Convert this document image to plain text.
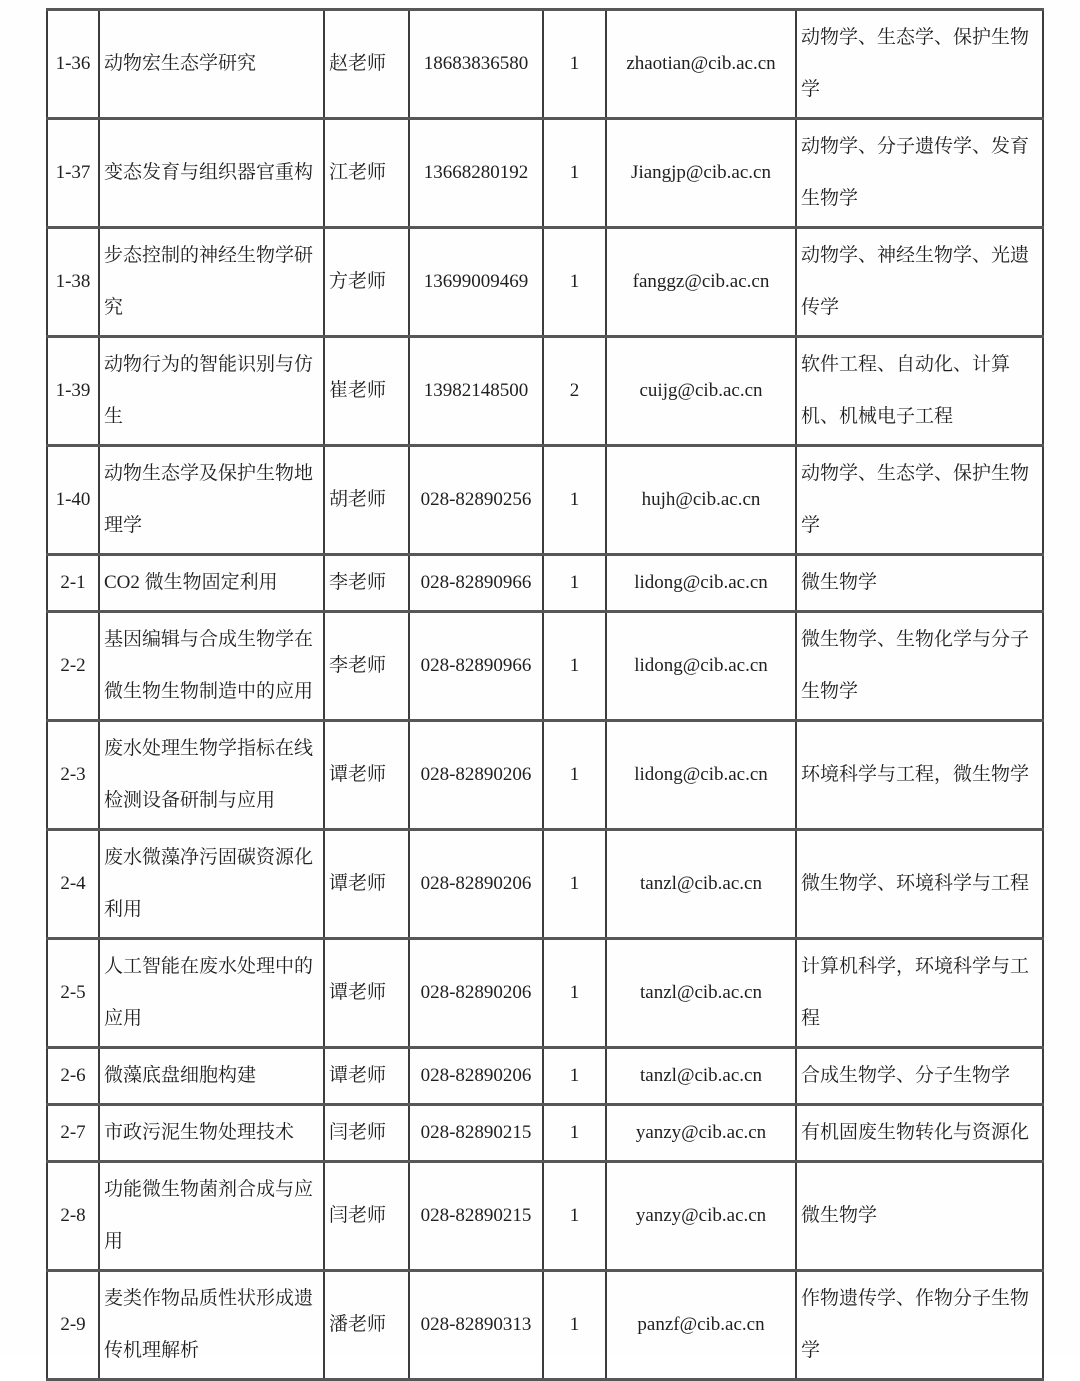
1-36	动物宏生态学研究	赵老师	18683836580	1	zhaotian@cib.ac.cn	动物学、生态学、保护生物学
1-37	变态发育与组织器官重构	江老师	13668280192	1	Jiangjp@cib.ac.cn	动物学、分子遗传学、发育生物学
1-38	步态控制的神经生物学研究	方老师	13699009469	1	fanggz@cib.ac.cn	动物学、神经生物学、光遗传学
1-39	动物行为的智能识别与仿生	崔老师	13982148500	2	cuijg@cib.ac.cn	软件工程、自动化、计算机、机械电子工程
1-40	动物生态学及保护生物地理学	胡老师	028-82890256	1	hujh@cib.ac.cn	动物学、生态学、保护生物学
2-1	CO2 微生物固定利用	李老师	028-82890966	1	lidong@cib.ac.cn	微生物学
2-2	基因编辑与合成生物学在微生物生物制造中的应用	李老师	028-82890966	1	lidong@cib.ac.cn	微生物学、生物化学与分子生物学
2-3	废水处理生物学指标在线检测设备研制与应用	谭老师	028-82890206	1	lidong@cib.ac.cn	环境科学与工程，微生物学
2-4	废水微藻净污固碳资源化利用	谭老师	028-82890206	1	tanzl@cib.ac.cn	微生物学、环境科学与工程
2-5	人工智能在废水处理中的应用	谭老师	028-82890206	1	tanzl@cib.ac.cn	计算机科学，环境科学与工程
2-6	微藻底盘细胞构建	谭老师	028-82890206	1	tanzl@cib.ac.cn	合成生物学、分子生物学
2-7	市政污泥生物处理技术	闫老师	028-82890215	1	yanzy@cib.ac.cn	有机固废生物转化与资源化
2-8	功能微生物菌剂合成与应用	闫老师	028-82890215	1	yanzy@cib.ac.cn	微生物学
2-9	麦类作物品质性状形成遗传机理解析	潘老师	028-82890313	1	panzf@cib.ac.cn	作物遗传学、作物分子生物学
